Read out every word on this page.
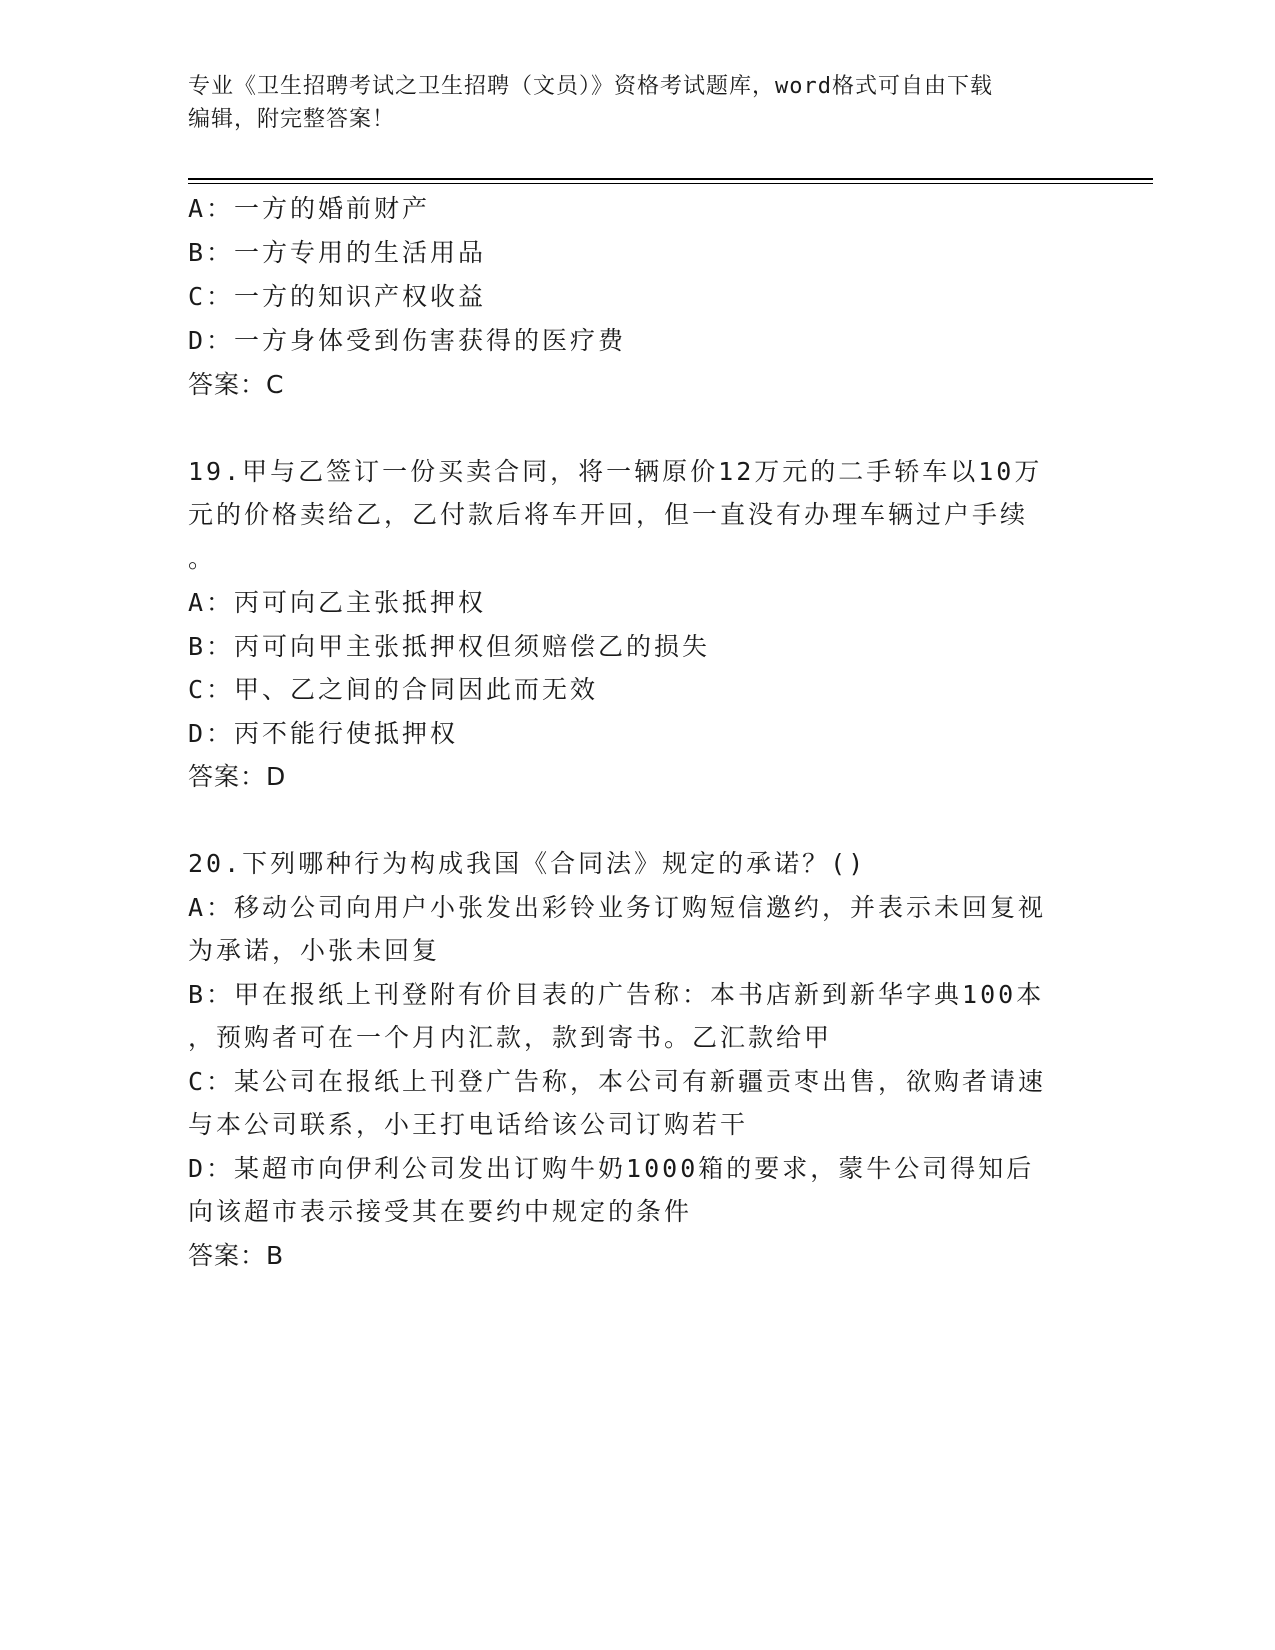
专业《卫生招聘考试之卫生招聘（文员）》资格考试题库，word格式可自由下载
编辑，附完整答案！
A：一方的婚前财产
B：一方专用的生活用品
C：一方的知识产权收益
D：一方身体受到伤害获得的医疗费
答案：C
19.甲与乙签订一份买卖合同，将一辆原价12万元的二手轿车以10万
元的价格卖给乙，乙付款后将车开回，但一直没有办理车辆过户手续
。
A：丙可向乙主张抵押权
B：丙可向甲主张抵押权但须赔偿乙的损失
C：甲、乙之间的合同因此而无效
D：丙不能行使抵押权
答案：D
20.下列哪种行为构成我国《合同法》规定的承诺？()
A：移动公司向用户小张发出彩铃业务订购短信邀约，并表示未回复视
为承诺，小张未回复
B：甲在报纸上刊登附有价目表的广告称：本书店新到新华字典100本
，预购者可在一个月内汇款，款到寄书。乙汇款给甲
C：某公司在报纸上刊登广告称，本公司有新疆贡枣出售，欲购者请速
与本公司联系，小王打电话给该公司订购若干
D：某超市向伊利公司发出订购牛奶1000箱的要求，蒙牛公司得知后
向该超市表示接受其在要约中规定的条件
答案：B
